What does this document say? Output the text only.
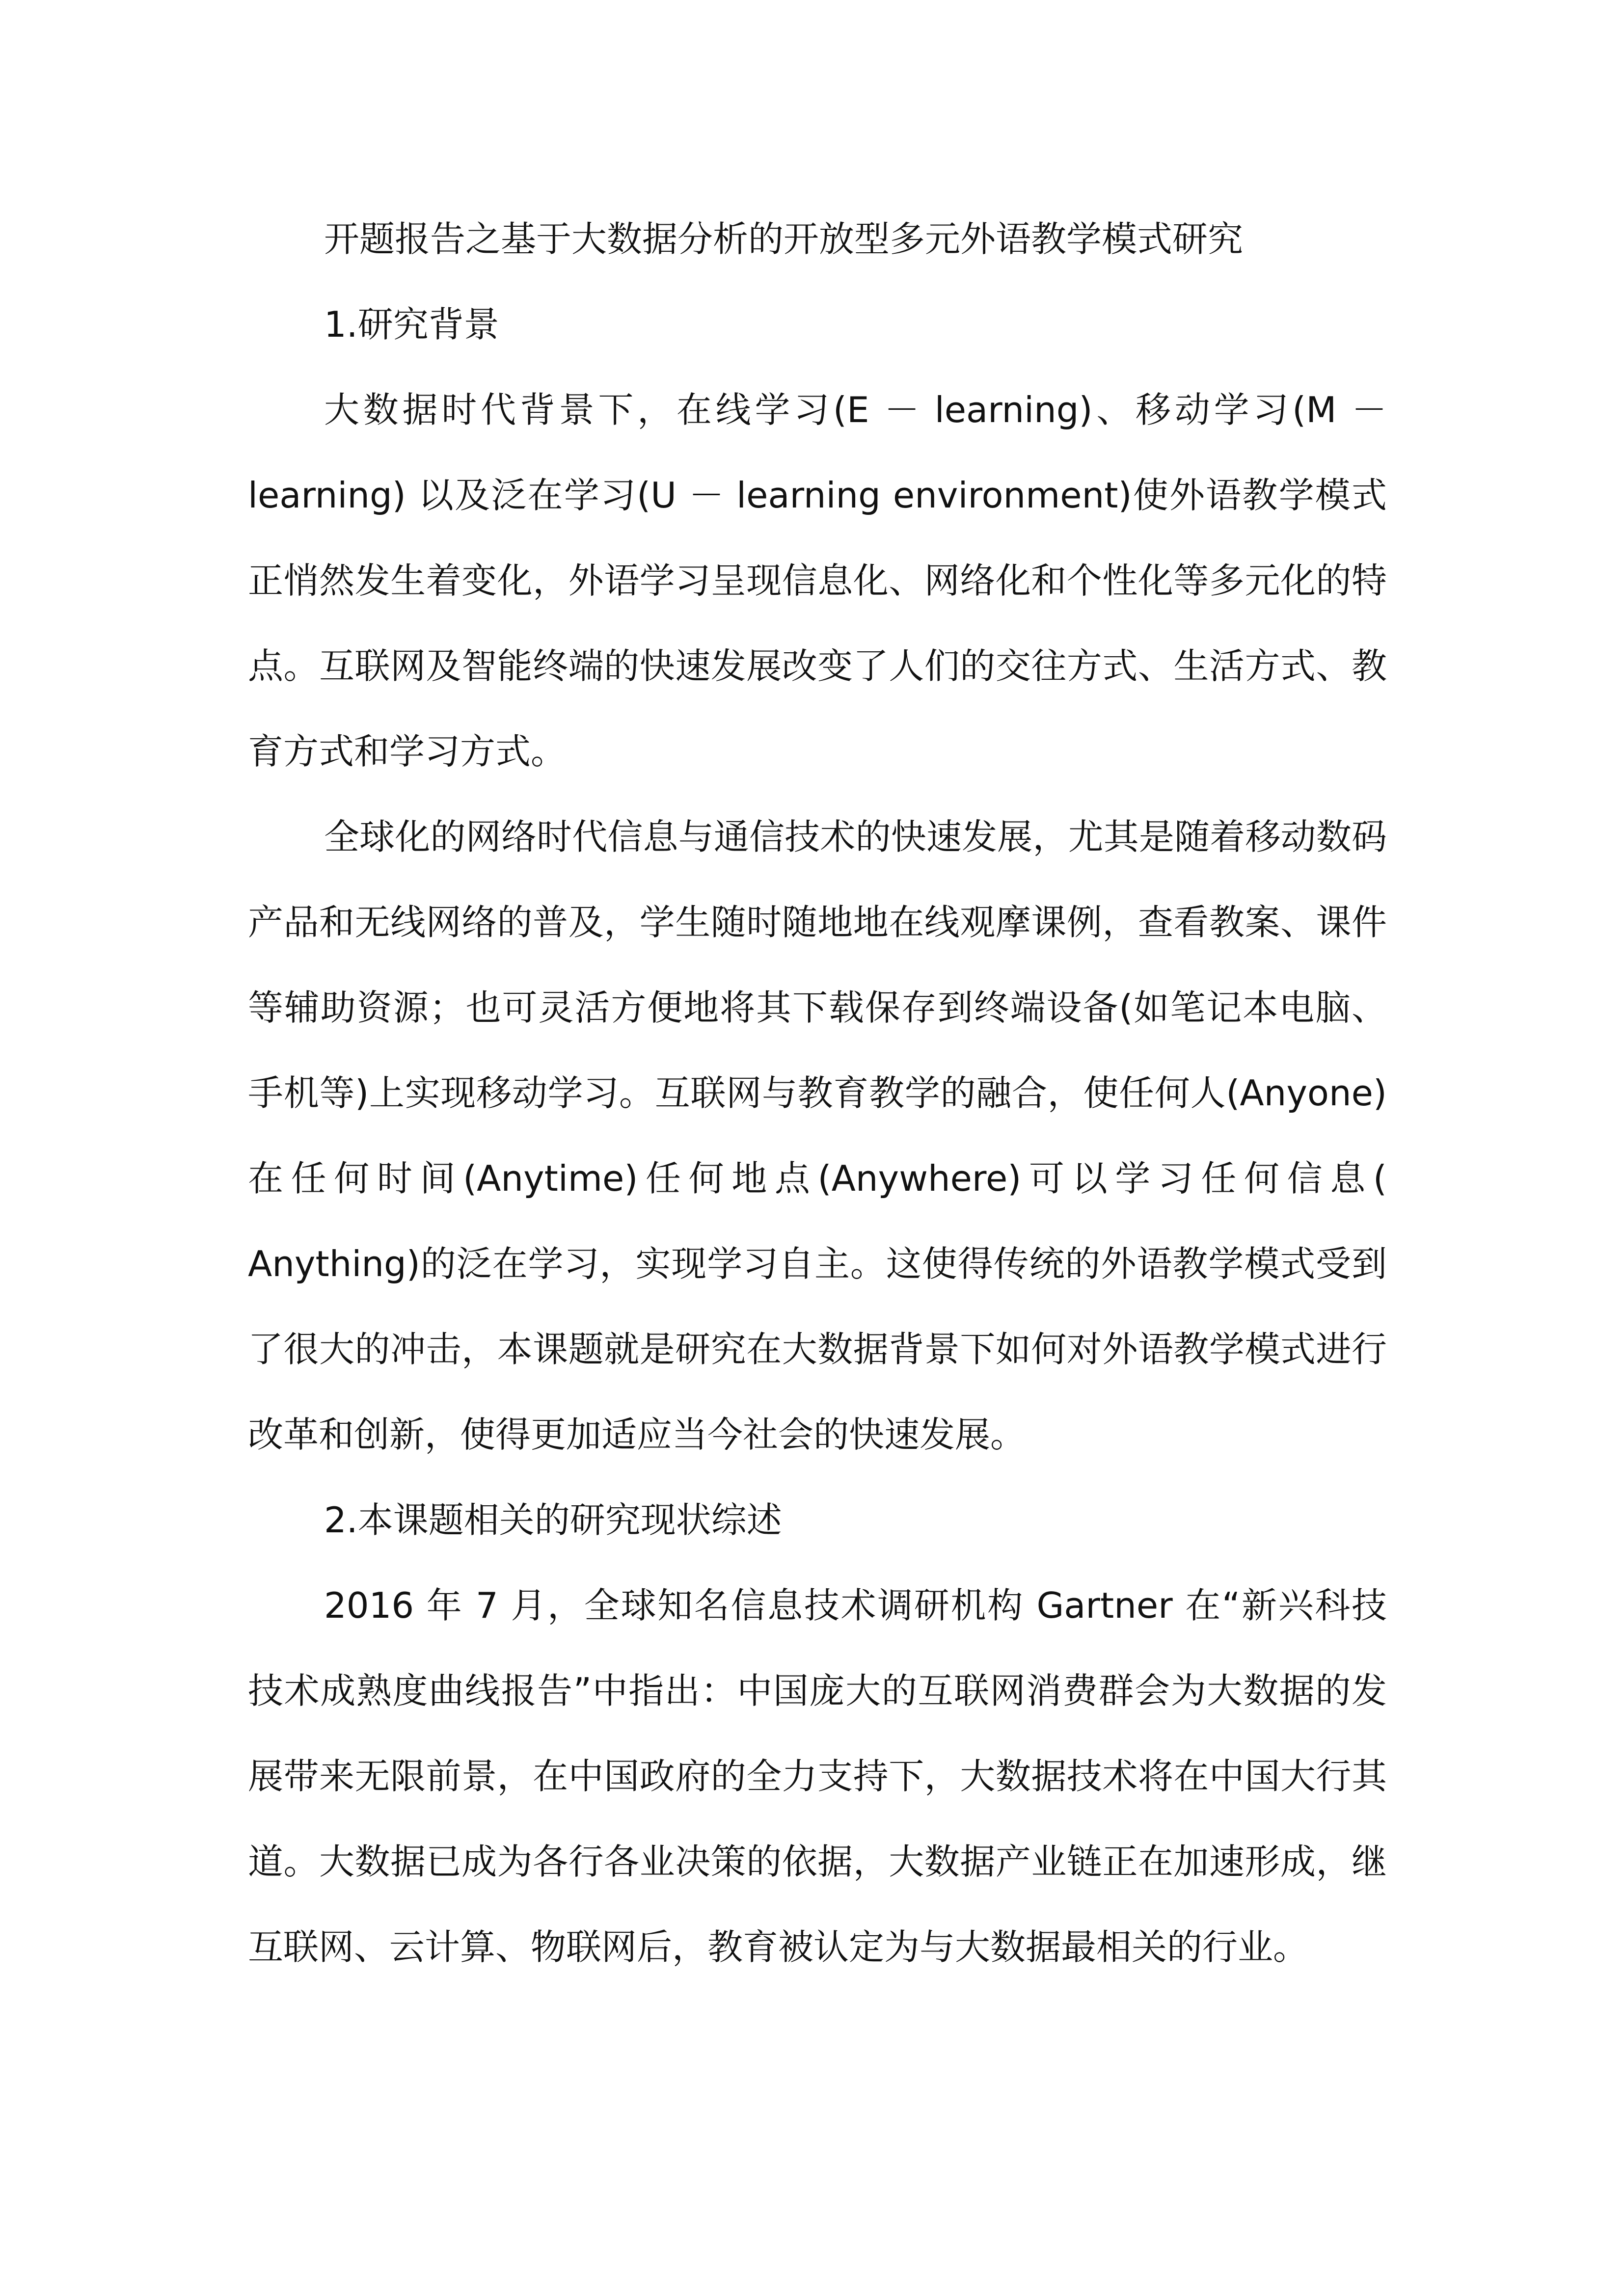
开题报告之基于大数据分析的开放型多元外语教学模式研究

1.研究背景

大数据时代背景下，在线学习(E － learning)、移动学习(M － learning) 以及泛在学习(U － learning environment)使外语教学模式正悄然发生着变化，外语学习呈现信息化、网络化和个性化等多元化的特点。互联网及智能终端的快速发展改变了人们的交往方式、生活方式、教育方式和学习方式。

全球化的网络时代信息与通信技术的快速发展，尤其是随着移动数码产品和无线网络的普及，学生随时随地地在线观摩课例，查看教案、课件等辅助资源；也可灵活方便地将其下载保存到终端设备(如笔记本电脑、手机等)上实现移动学习。互联网与教育教学的融合，使任何人(Anyone)在任何时间(Anytime)任何地点(Anywhere)可以学习任何信息( Anything)的泛在学习，实现学习自主。这使得传统的外语教学模式受到了很大的冲击，本课题就是研究在大数据背景下如何对外语教学模式进行改革和创新，使得更加适应当今社会的快速发展。

2.本课题相关的研究现状综述

2016 年 7 月，全球知名信息技术调研机构 Gartner 在“新兴科技技术成熟度曲线报告”中指出：中国庞大的互联网消费群会为大数据的发展带来无限前景，在中国政府的全力支持下，大数据技术将在中国大行其道。大数据已成为各行各业决策的依据，大数据产业链正在加速形成，继互联网、云计算、物联网后，教育被认定为与大数据最相关的行业。
